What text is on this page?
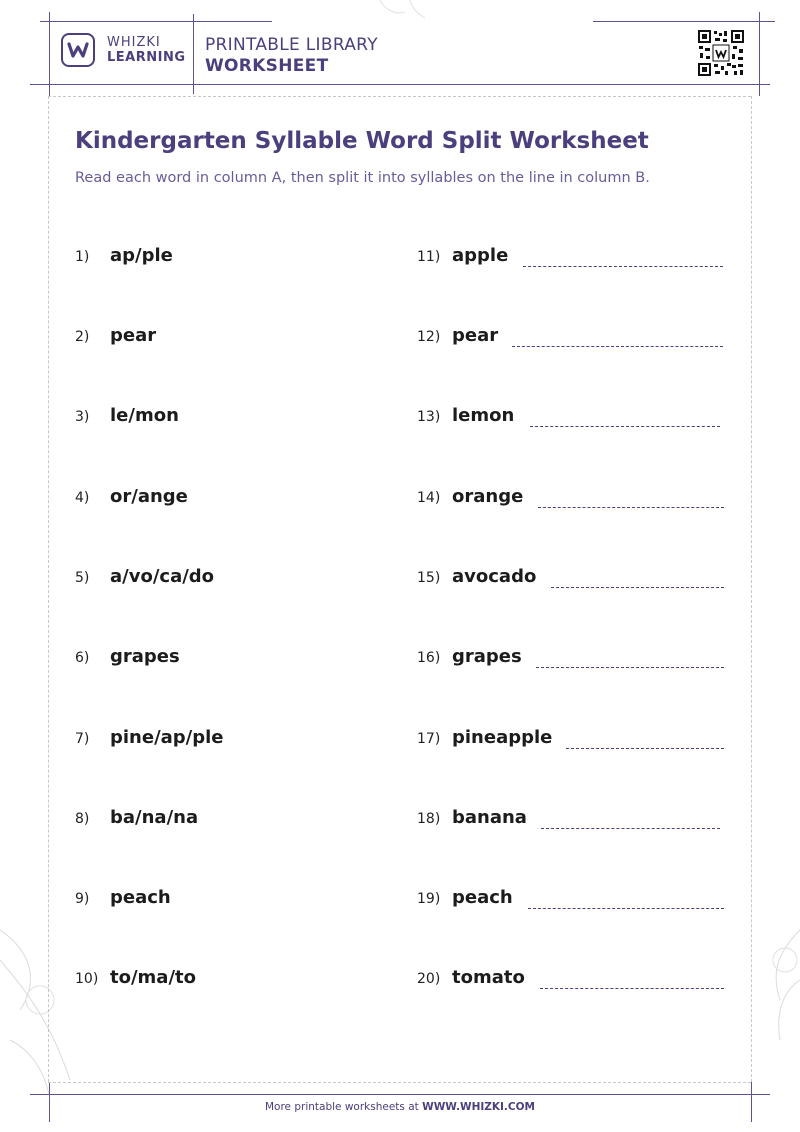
WHIZKI
LEARNING
PRINTABLE LIBRARY
WORKSHEET
Kindergarten Syllable Word Split Worksheet
Read each word in column A, then split it into syllables on the line in column B.
1) ap/ple
2) pear
3) le/mon
4) or/ange
5) a/vo/ca/do
6) grapes
7) pine/ap/ple
8) ba/na/na
9) peach
10) to/ma/to
11) apple
12) pear
13) lemon
14) orange
15) avocado
16) grapes
17) pineapple
18) banana
19) peach
20) tomato
More printable worksheets at WWW.WHIZKI.COM
